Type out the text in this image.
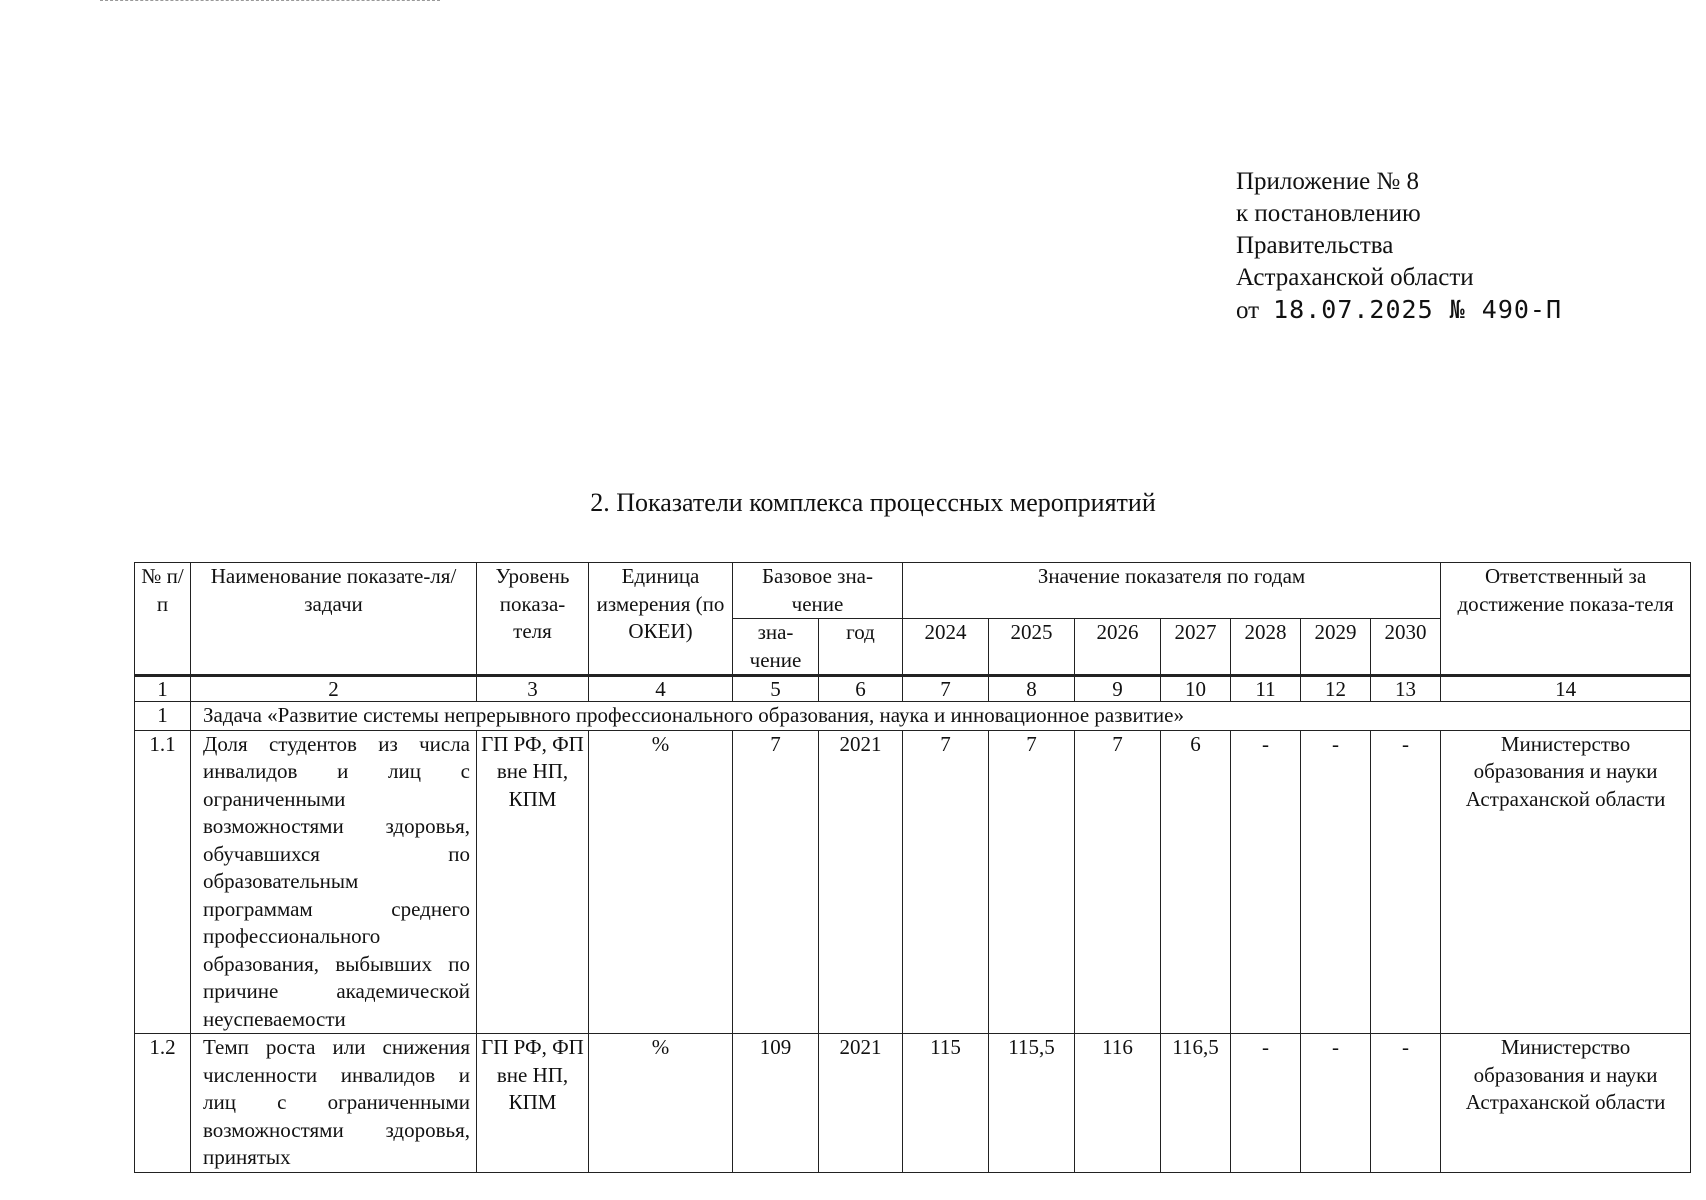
Приложение № 8
к постановлению
Правительства
Астраханской области
от 18.07.2025 № 490-П
2. Показатели комплекса процессных мероприятий
№ п/п	Наименование показате-ля/задачи	Уровень показа-теля	Единица измерения (по ОКЕИ)	Базовое зна-чение		Значение показателя по годам							Ответственный за достижение показа-теля
				зна-чение	год	2024	2025	2026	2027	2028	2029	2030	
1	2	3	4	5	6	7	8	9	10	11	12	13	14
1	Задача «Развитие системы непрерывного профессионального образования, наука и инновационное развитие»												
1.1	Доля студентов из числа инвалидов и лиц с ограниченными возможностями здоровья, обучавшихся по образовательным программам среднего профессионального образования, выбывших по причине академической неуспеваемости	ГП РФ, ФП вне НП, КПМ	%	7	2021	7	7	7	6	-	-	-	Министерство образования и науки Астраханской области
1.2	Темп роста или снижения численности инвалидов и лиц с ограниченными возможностями здоровья, принятых	ГП РФ, ФП вне НП, КПМ	%	109	2021	115	115,5	116	116,5	-	-	-	Министерство образования и науки Астраханской области
